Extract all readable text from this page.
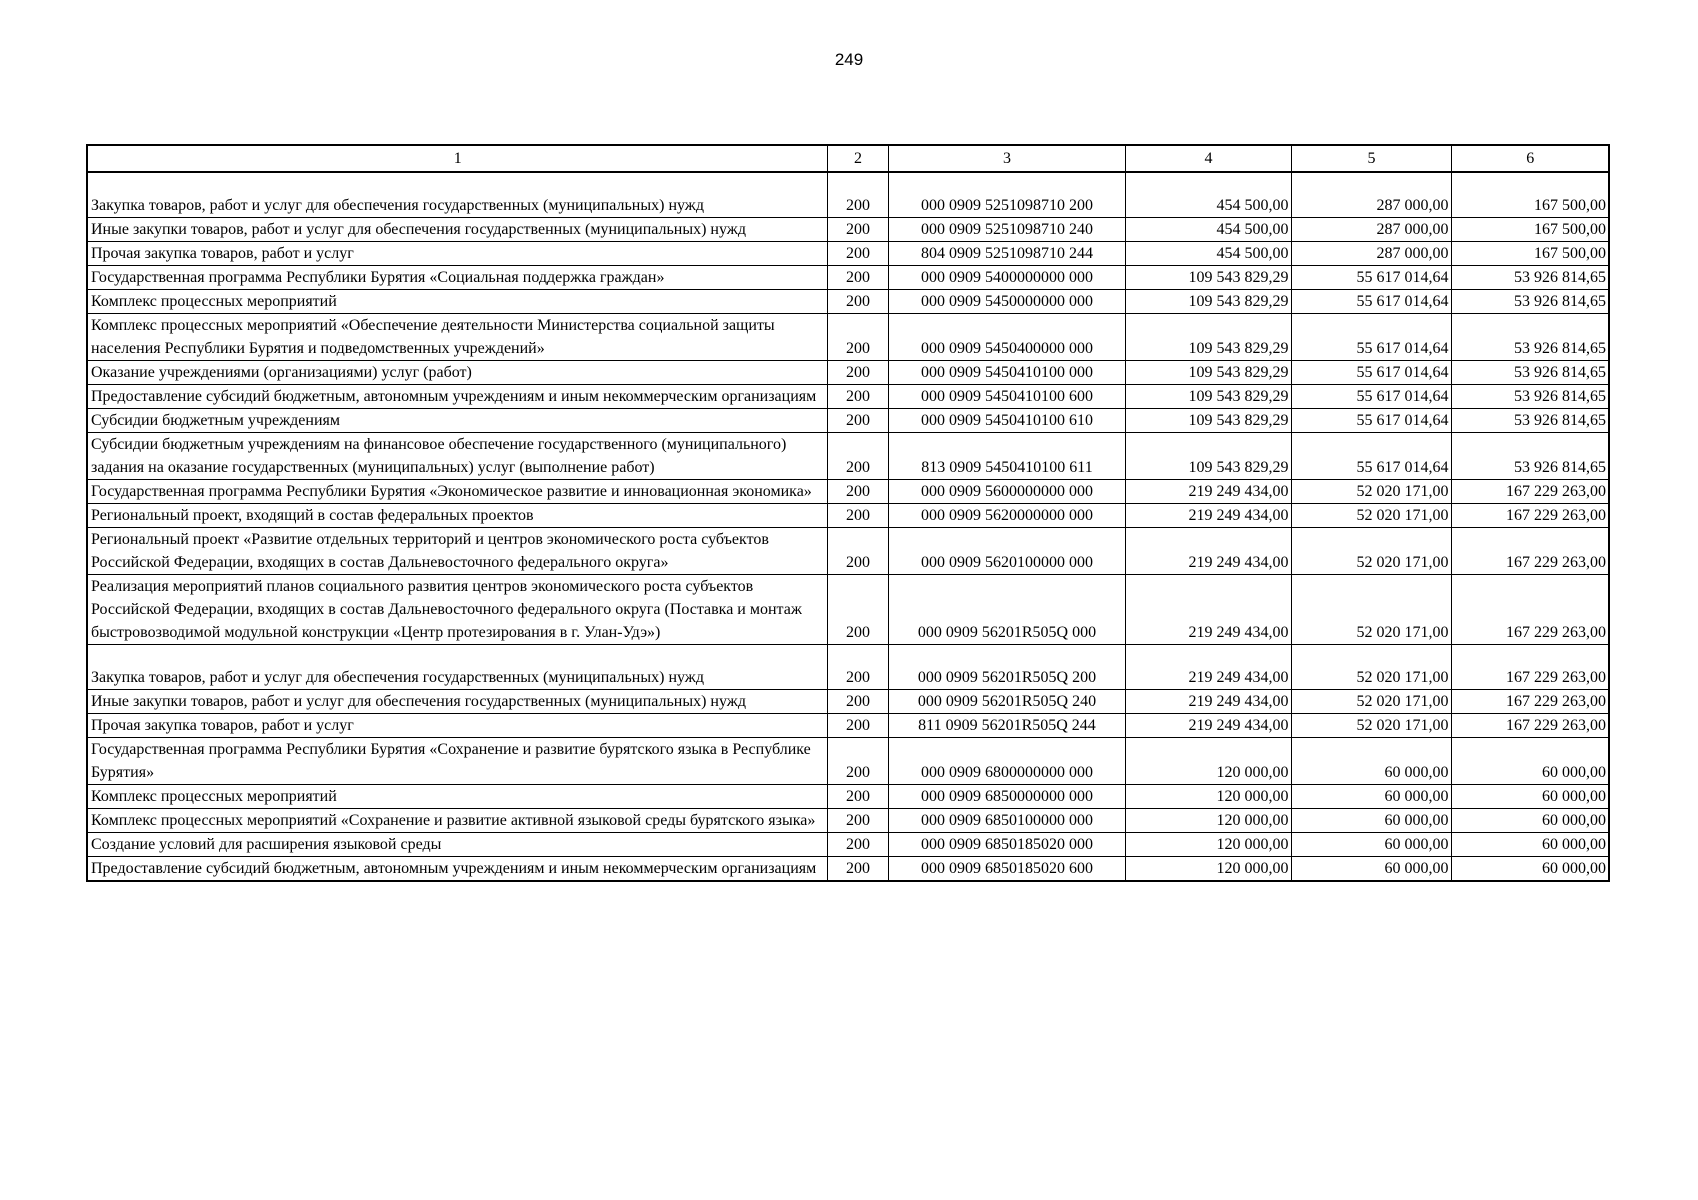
249
1	2	3	4	5	6
Закупка товаров, работ и услуг для обеспечения государственных (муниципальных) нужд	200	000 0909 5251098710 200	454 500,00	287 000,00	167 500,00
Иные закупки товаров, работ и услуг для обеспечения государственных (муниципальных) нужд	200	000 0909 5251098710 240	454 500,00	287 000,00	167 500,00
Прочая закупка товаров, работ и услуг	200	804 0909 5251098710 244	454 500,00	287 000,00	167 500,00
Государственная программа Республики Бурятия «Социальная поддержка граждан»	200	000 0909 5400000000 000	109 543 829,29	55 617 014,64	53 926 814,65
Комплекс процессных мероприятий	200	000 0909 5450000000 000	109 543 829,29	55 617 014,64	53 926 814,65
Комплекс процессных мероприятий «Обеспечение деятельности Министерства социальной защиты населения Республики Бурятия и подведомственных учреждений»	200	000 0909 5450400000 000	109 543 829,29	55 617 014,64	53 926 814,65
Оказание учреждениями (организациями) услуг (работ)	200	000 0909 5450410100 000	109 543 829,29	55 617 014,64	53 926 814,65
Предоставление субсидий бюджетным, автономным учреждениям и иным некоммерческим организациям	200	000 0909 5450410100 600	109 543 829,29	55 617 014,64	53 926 814,65
Субсидии бюджетным учреждениям	200	000 0909 5450410100 610	109 543 829,29	55 617 014,64	53 926 814,65
Субсидии бюджетным учреждениям на финансовое обеспечение государственного (муниципального) задания на оказание государственных (муниципальных) услуг (выполнение работ)	200	813 0909 5450410100 611	109 543 829,29	55 617 014,64	53 926 814,65
Государственная программа Республики Бурятия «Экономическое развитие и инновационная экономика»	200	000 0909 5600000000 000	219 249 434,00	52 020 171,00	167 229 263,00
Региональный проект, входящий в состав федеральных проектов	200	000 0909 5620000000 000	219 249 434,00	52 020 171,00	167 229 263,00
Региональный проект «Развитие отдельных территорий и центров экономического роста субъектов Российской Федерации, входящих в состав Дальневосточного федерального округа»	200	000 0909 5620100000 000	219 249 434,00	52 020 171,00	167 229 263,00
Реализация мероприятий планов социального развития центров экономического роста субъектов Российской Федерации, входящих в состав Дальневосточного федерального округа (Поставка и монтаж быстровозводимой модульной конструкции «Центр протезирования в г. Улан-Удэ»)	200	000 0909 56201R505Q 000	219 249 434,00	52 020 171,00	167 229 263,00
Закупка товаров, работ и услуг для обеспечения государственных (муниципальных) нужд	200	000 0909 56201R505Q 200	219 249 434,00	52 020 171,00	167 229 263,00
Иные закупки товаров, работ и услуг для обеспечения государственных (муниципальных) нужд	200	000 0909 56201R505Q 240	219 249 434,00	52 020 171,00	167 229 263,00
Прочая закупка товаров, работ и услуг	200	811 0909 56201R505Q 244	219 249 434,00	52 020 171,00	167 229 263,00
Государственная программа Республики Бурятия «Сохранение и развитие бурятского языка в Республике Бурятия»	200	000 0909 6800000000 000	120 000,00	60 000,00	60 000,00
Комплекс процессных мероприятий	200	000 0909 6850000000 000	120 000,00	60 000,00	60 000,00
Комплекс процессных мероприятий «Сохранение и развитие активной языковой среды бурятского языка»	200	000 0909 6850100000 000	120 000,00	60 000,00	60 000,00
Создание условий для расширения языковой среды	200	000 0909 6850185020 000	120 000,00	60 000,00	60 000,00
Предоставление субсидий бюджетным, автономным учреждениям и иным некоммерческим организациям	200	000 0909 6850185020 600	120 000,00	60 000,00	60 000,00
